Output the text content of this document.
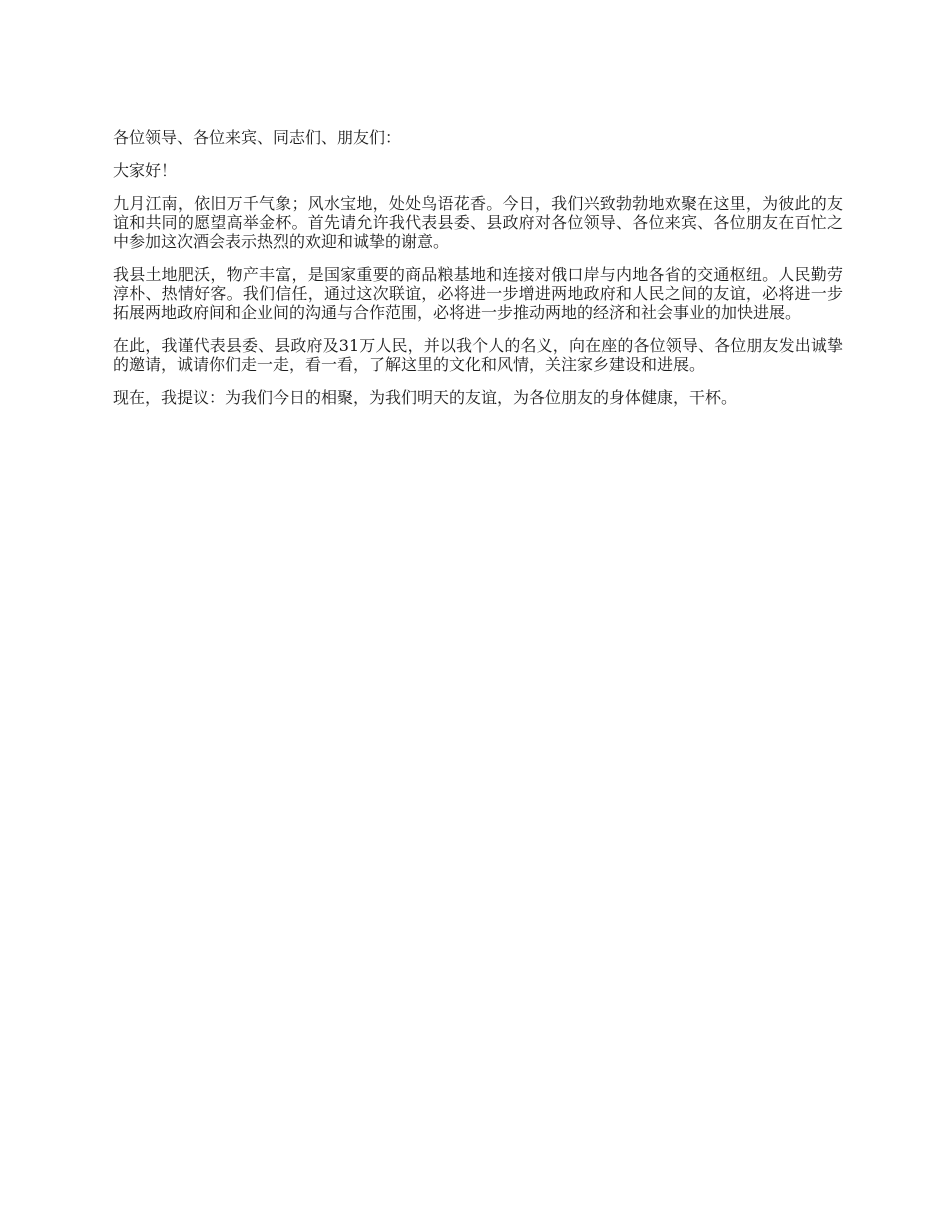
各位领导、各位来宾、同志们、朋友们：

大家好！

九月江南，依旧万千气象；风水宝地，处处鸟语花香。今日，我们兴致勃勃地欢聚在这里，为彼此的友谊和共同的愿望高举金杯。首先请允许我代表县委、县政府对各位领导、各位来宾、各位朋友在百忙之中参加这次酒会表示热烈的欢迎和诚挚的谢意。

我县土地肥沃，物产丰富，是国家重要的商品粮基地和连接对俄口岸与内地各省的交通枢纽。人民勤劳淳朴、热情好客。我们信任，通过这次联谊，必将进一步增进两地政府和人民之间的友谊，必将进一步拓展两地政府间和企业间的沟通与合作范围，必将进一步推动两地的经济和社会事业的加快进展。

在此，我谨代表县委、县政府及31万人民，并以我个人的名义，向在座的各位领导、各位朋友发出诚挚的邀请，诚请你们走一走，看一看，了解这里的文化和风情，关注家乡建设和进展。

现在，我提议：为我们今日的相聚，为我们明天的友谊，为各位朋友的身体健康，干杯。
